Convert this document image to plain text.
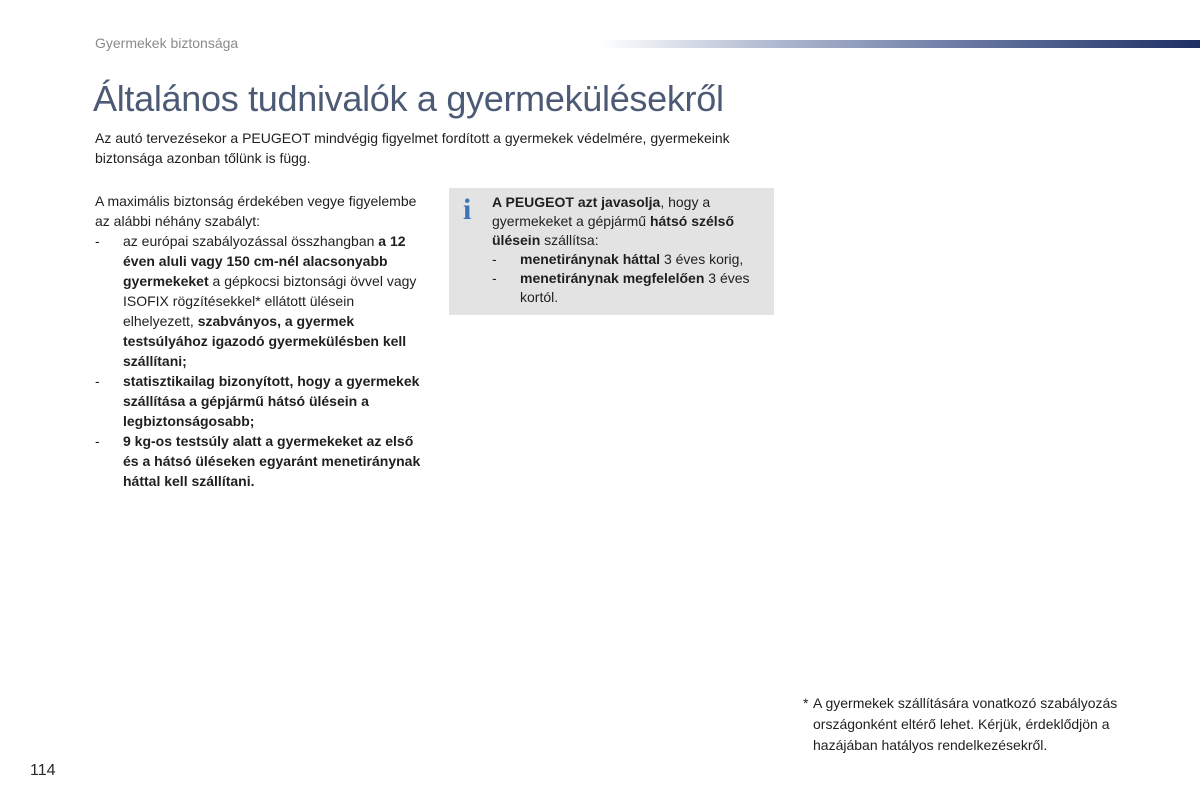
Gyermekek biztonsága
Általános tudnivalók a gyermekülésekről

Az autó tervezésekor a PEUGEOT mindvégig figyelmet fordított a gyermekek védelmére, gyermekeink biztonsága azonban tőlünk is függ.

A maximális biztonság érdekében vegye figyelembe az alábbi néhány szabályt:

- az európai szabályozással összhangban a 12 éven aluli vagy 150 cm-nél alacsonyabb gyermekeket a gépkocsi biztonsági övvel vagy ISOFIX rögzítésekkel* ellátott ülésein elhelyezett, szabványos, a gyermek testsúlyához igazodó gyermekülésben kell szállítani;
- statisztikailag bizonyított, hogy a gyermekek szállítása a gépjármű hátsó ülésein a legbiztonságosabb;
- 9 kg-os testsúly alatt a gyermekeket az első és a hátsó üléseken egyaránt menetiránynak háttal kell szállítani.
i A PEUGEOT azt javasolja, hogy a gyermekeket a gépjármű hátsó szélső ülésein szállítsa:

- menetiránynak háttal 3 éves korig,
- menetiránynak megfelelően 3 éves kortól.
* A gyermekek szállítására vonatkozó szabályozás országonként eltérő lehet. Kérjük, érdeklődjön a hazájában hatályos rendelkezésekről.
114
